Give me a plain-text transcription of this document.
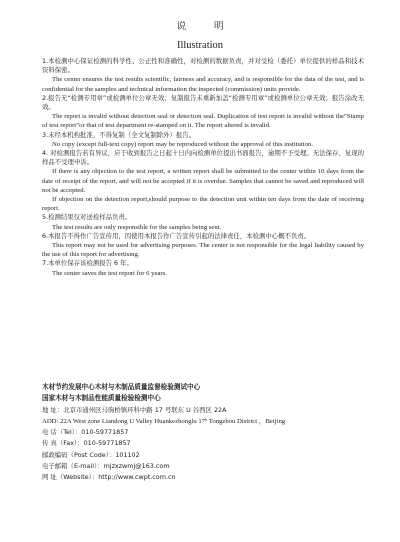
说明
Illustration

1.本检测中心保证检测的科学性、公正性和准确性，对检测的数据负责，并对受检（委托）单位提供的样品和技术资料保密。

The center ensures the test results scientific, fairness and accuracy, and is responsible for the data of the test, and is confidential for the samples and technical information the inspected (commission) units provide.

2.报告无“检测专用章”或检测单位公章无效；复制报告未重新加盖“检测专用章”或检测单位公章无效；报告涂改无效。

The report is invalid without detection seal or detection seal. Duplication of test report is invalid without the“Stamp of test report”or that of test department re-stamped on it. The report altered is invalid.

3.未经本机构批准，不得复制（全文复制除外）报告。

No copy (except full-text copy) report may be reproduced without the approval of this institution.

4. 对检测报告若有异议，应于收到报告之日起十日内向检测单位提出书面报告，逾期不予受理。无法保存、复现的样品不受理申诉。

If there is any objection to the test report, a written report shall be submitted to the center within 10 days from the date of receipt of the report, and will not be accepted if it is overdue. Samples that cannot be saved and reproduced will not be accepted.

If objection on the detection report,should purpose to the detection unit within ten days from the date of receiving report.

5.检测结果仅对送检样品负责。

The test results are only responsible for the samples being sent.

6.本报告不得作广告宣传用，因使用本报告作广告宣传引起的法律责任，本检测中心概不负责。

This report may not be used for advertising purposes. The center is not responsible for the legal liability caused by the use of this report for advertising.

7.本单位保存该检测报告 6 年。

The center saves the test report for 6 years.

木材节约发展中心木材与木制品质量监督检验测试中心
国家木材与木制品性能质量检验检测中心
地 址：北京市通州区马驹桥镇环科中路 17 号联东 U 谷西区 22A
ADD: 22A West zone Liandong U Valley Huankezhonglu 17ʰ Tongzhou District ，Beijing
电 话（Tel）：010-59771857
传 真（Fax）：010-59771857
邮政编码（Post Code）：101102
电子邮箱（E-mail）：mjzxzwmj@163.com
网 址（Website）：http://www.cwpt.com.cn
